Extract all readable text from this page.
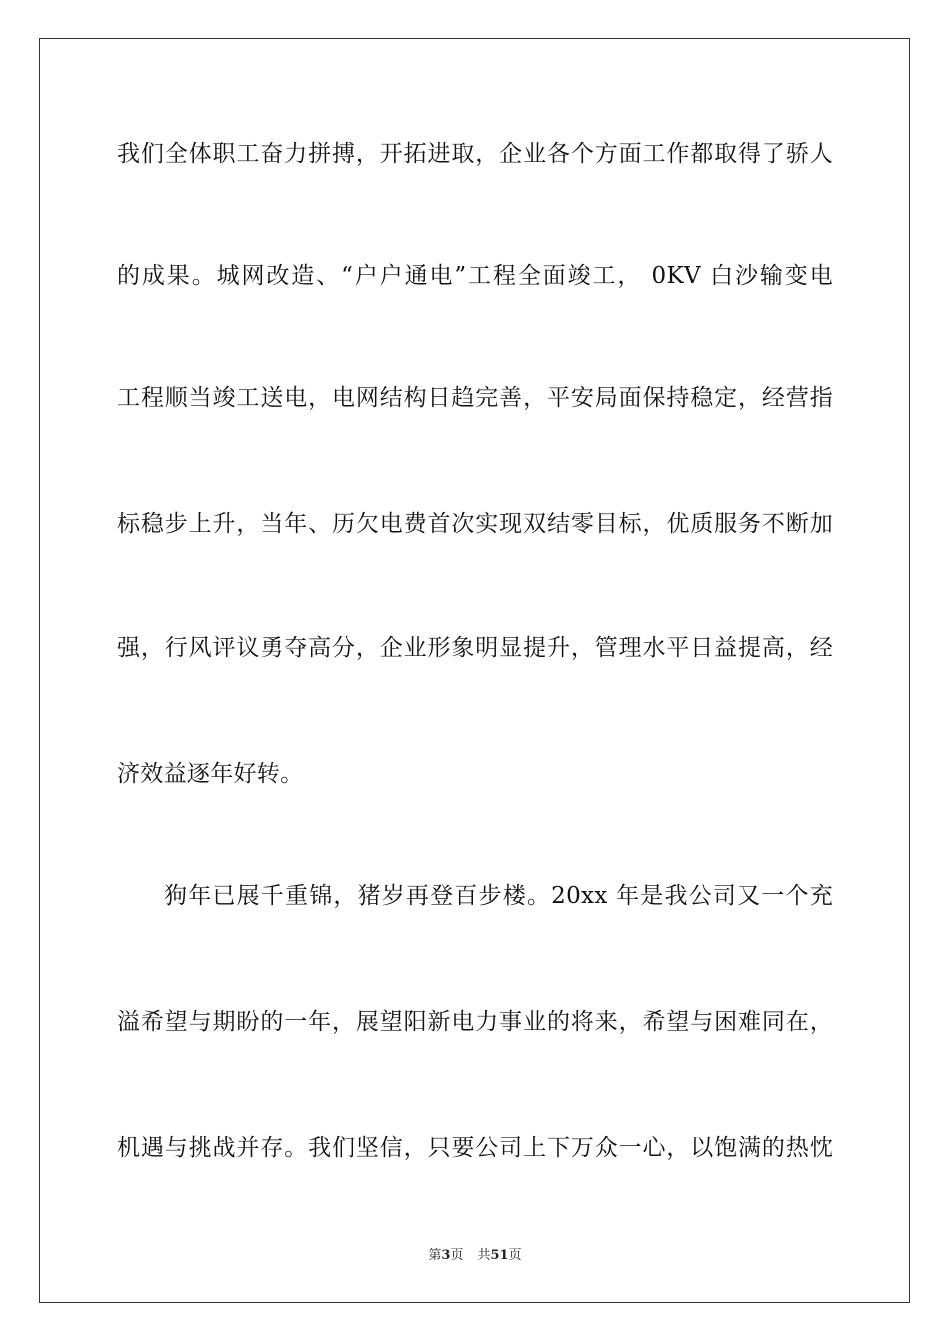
我们全体职工奋力拼搏，开拓进取，企业各个方面工作都取得了骄人
的成果。城网改造、“户户通电”工程全面竣工， 0KV 白沙输变电
工程顺当竣工送电，电网结构日趋完善，平安局面保持稳定，经营指
标稳步上升，当年、历欠电费首次实现双结零目标，优质服务不断加
强，行风评议勇夺高分，企业形象明显提升，管理水平日益提高，经
济效益逐年好转。
狗年已展千重锦，猪岁再登百步楼。20xx 年是我公司又一个充
溢希望与期盼的一年，展望阳新电力事业的将来，希望与困难同在，
机遇与挑战并存。我们坚信，只要公司上下万众一心，以饱满的热忱
第3页 共51页
